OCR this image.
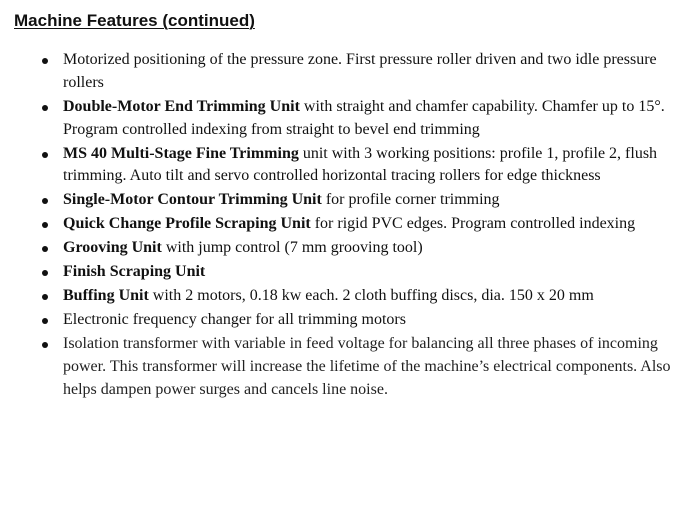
Machine Features (continued)
Motorized positioning of the pressure zone. First pressure roller driven and two idle pressure rollers
Double-Motor End Trimming Unit with straight and chamfer capability. Chamfer up to 15°. Program controlled indexing from straight to bevel end trimming
MS 40 Multi-Stage Fine Trimming unit with 3 working positions: profile 1, profile 2, flush trimming. Auto tilt and servo controlled horizontal tracing rollers for edge thickness
Single-Motor Contour Trimming Unit for profile corner trimming
Quick Change Profile Scraping Unit for rigid PVC edges. Program controlled indexing
Grooving Unit with jump control (7 mm grooving tool)
Finish Scraping Unit
Buffing Unit with 2 motors, 0.18 kw each. 2 cloth buffing discs, dia. 150 x 20 mm
Electronic frequency changer for all trimming motors
Isolation transformer with variable in feed voltage for balancing all three phases of incoming power. This transformer will increase the lifetime of the machine’s electrical components. Also helps dampen power surges and cancels line noise.
